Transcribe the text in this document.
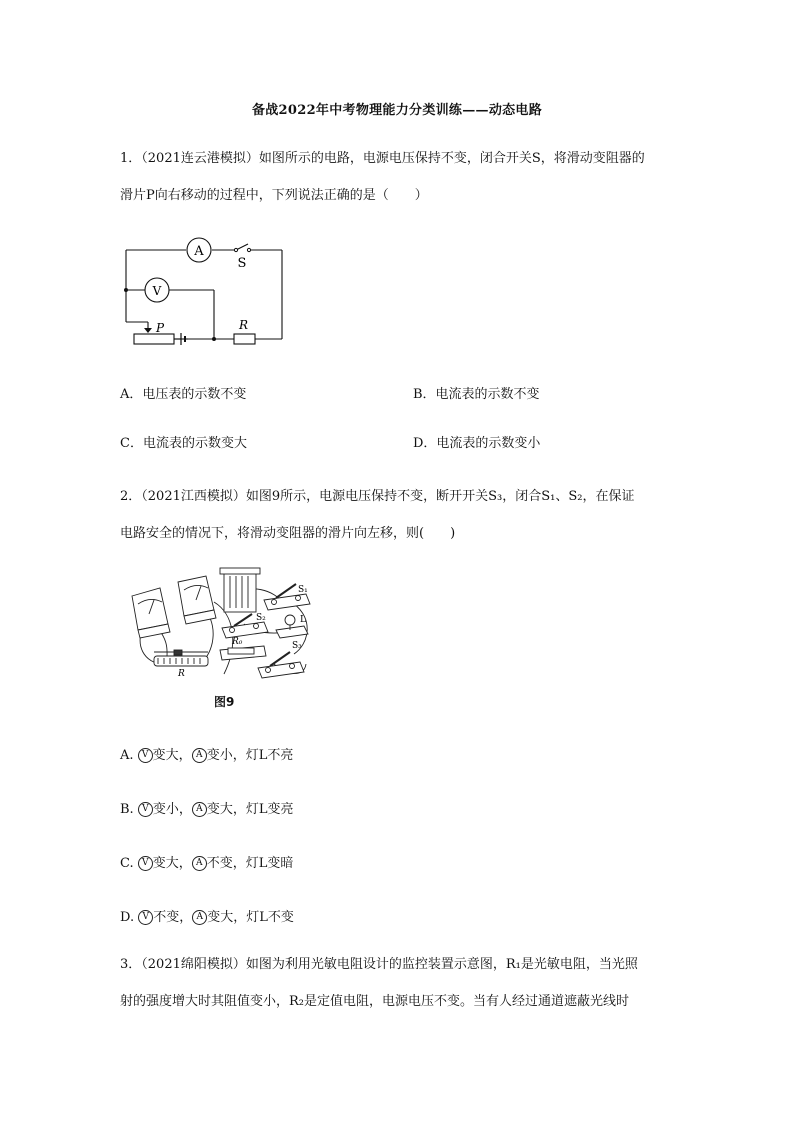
备战2022年中考物理能力分类训练——动态电路
1．（2021连云港模拟）如图所示的电路，电源电压保持不变，闭合开关S，将滑动变阻器的
滑片P向右移动的过程中，下列说法正确的是（　　）
A
V
S
P	R
A．电压表的示数不变	B．电流表的示数不变
C．电流表的示数变大	D．电流表的示数变小
2．（2021江西模拟）如图9所示，电源电压保持不变，断开开关S₃，闭合S₁、S₂，在保证
电路安全的情况下，将滑动变阻器的滑片向左移，则(　　)
S₁
S₂
S₃
L
R₀
R
图9
A. V 变大， A 变小，灯L不亮
B. V 变小， A 变大，灯L变亮
C. V 变大， A 不变，灯L变暗
D. V 不变， A 变大，灯L不变
3．（2021绵阳模拟）如图为利用光敏电阻设计的监控装置示意图，R₁是光敏电阻，当光照
射的强度增大时其阻值变小，R₂是定值电阻，电源电压不变。当有人经过通道遮蔽光线时
